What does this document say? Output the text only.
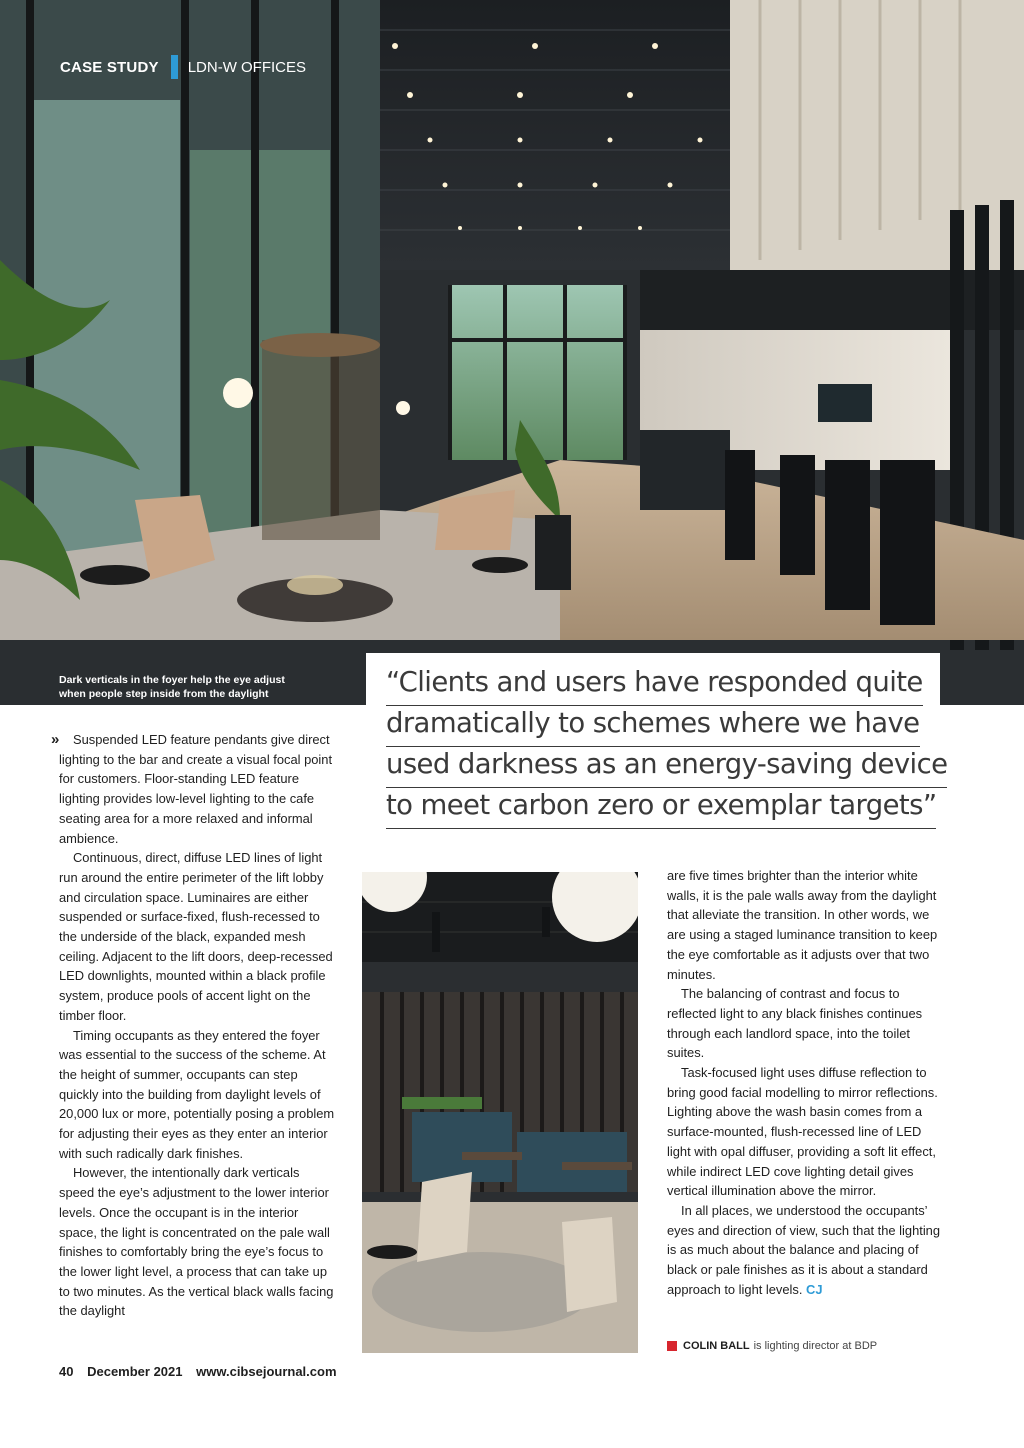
CASE STUDY LDN-W OFFICES
Dark verticals in the foyer help the eye adjust when people step inside from the daylight	“Clients and users have responded quite
dramatically to schemes where we have
used darkness as an energy-saving device
to meet carbon zero or exemplar targets”

» Suspended LED feature pendants give direct lighting to the bar and create a visual focal point for customers. Floor-standing LED feature lighting provides low-level lighting to the cafe seating area for a more relaxed and informal ambience.

Continuous, direct, diffuse LED lines of light run around the entire perimeter of the lift lobby and circulation space. Luminaires are either suspended or surface-fixed, flush-recessed to the underside of the black, expanded mesh ceiling. Adjacent to the lift doors, deep-recessed LED downlights, mounted within a black profile system, produce pools of accent light on the timber floor.

Timing occupants as they entered the foyer was essential to the success of the scheme. At the height of summer, occupants can step quickly into the building from daylight levels of 20,000 lux or more, potentially posing a problem for adjusting their eyes as they enter an interior with such radically dark finishes.

However, the intentionally dark verticals speed the eye’s adjustment to the lower interior levels. Once the occupant is in the interior space, the light is concentrated on the pale wall finishes to comfortably bring the eye’s focus to the lower light level, a process that can take up to two minutes. As the vertical black walls facing the daylight

are five times brighter than the interior white walls, it is the pale walls away from the daylight that alleviate the transition. In other words, we are using a staged luminance transition to keep the eye comfortable as it adjusts over that two minutes.

The balancing of contrast and focus to reflected light to any black finishes continues through each landlord space, into the toilet suites.

Task-focused light uses diffuse reflection to bring good facial modelling to mirror reflections. Lighting above the wash basin comes from a surface-mounted, flush-recessed line of LED light with opal diffuser, providing a soft lit effect, while indirect LED cove lighting detail gives vertical illumination above the mirror.

In all places, we understood the occupants’ eyes and direction of view, such that the lighting is as much about the balance and placing of black or pale finishes as it is about a standard approach to light levels. CJ

COLIN BALL is lighting director at BDP
40 December 2021 www.cibsejournal.com
